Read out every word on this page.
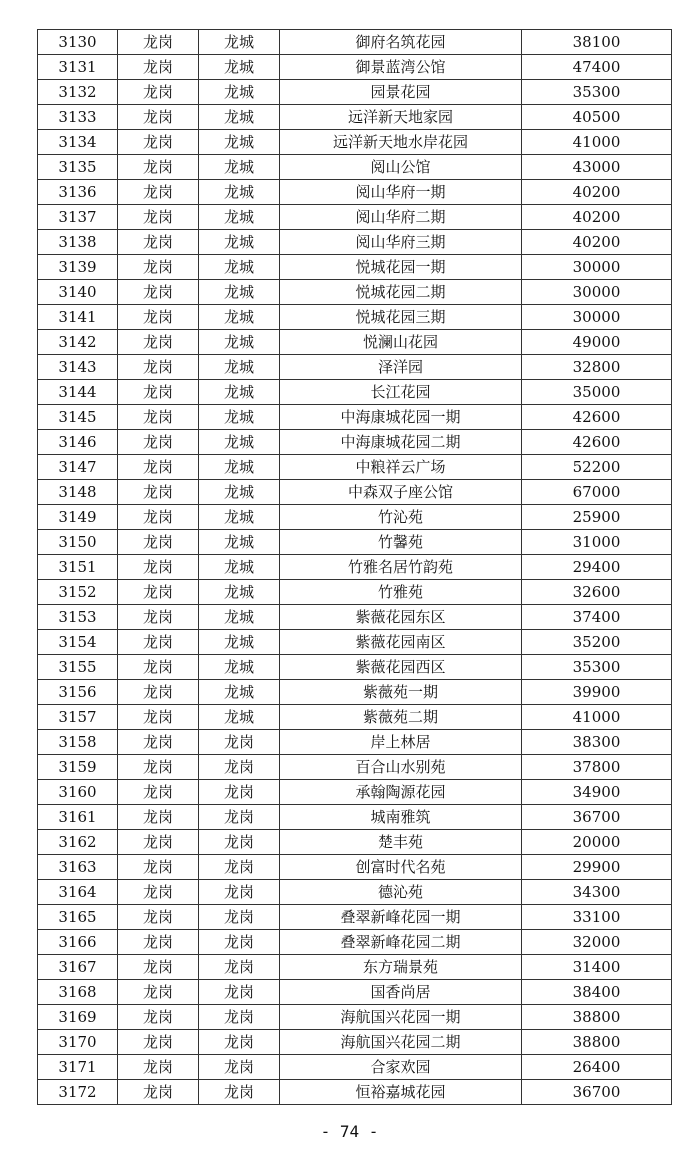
3130	龙岗	龙城	御府名筑花园	38100
3131	龙岗	龙城	御景蓝湾公馆	47400
3132	龙岗	龙城	园景花园	35300
3133	龙岗	龙城	远洋新天地家园	40500
3134	龙岗	龙城	远洋新天地水岸花园	41000
3135	龙岗	龙城	阅山公馆	43000
3136	龙岗	龙城	阅山华府一期	40200
3137	龙岗	龙城	阅山华府二期	40200
3138	龙岗	龙城	阅山华府三期	40200
3139	龙岗	龙城	悦城花园一期	30000
3140	龙岗	龙城	悦城花园二期	30000
3141	龙岗	龙城	悦城花园三期	30000
3142	龙岗	龙城	悦澜山花园	49000
3143	龙岗	龙城	泽洋园	32800
3144	龙岗	龙城	长江花园	35000
3145	龙岗	龙城	中海康城花园一期	42600
3146	龙岗	龙城	中海康城花园二期	42600
3147	龙岗	龙城	中粮祥云广场	52200
3148	龙岗	龙城	中森双子座公馆	67000
3149	龙岗	龙城	竹沁苑	25900
3150	龙岗	龙城	竹馨苑	31000
3151	龙岗	龙城	竹雅名居竹韵苑	29400
3152	龙岗	龙城	竹雅苑	32600
3153	龙岗	龙城	紫薇花园东区	37400
3154	龙岗	龙城	紫薇花园南区	35200
3155	龙岗	龙城	紫薇花园西区	35300
3156	龙岗	龙城	紫薇苑一期	39900
3157	龙岗	龙城	紫薇苑二期	41000
3158	龙岗	龙岗	岸上林居	38300
3159	龙岗	龙岗	百合山水别苑	37800
3160	龙岗	龙岗	承翰陶源花园	34900
3161	龙岗	龙岗	城南雅筑	36700
3162	龙岗	龙岗	楚丰苑	20000
3163	龙岗	龙岗	创富时代名苑	29900
3164	龙岗	龙岗	德沁苑	34300
3165	龙岗	龙岗	叠翠新峰花园一期	33100
3166	龙岗	龙岗	叠翠新峰花园二期	32000
3167	龙岗	龙岗	东方瑞景苑	31400
3168	龙岗	龙岗	国香尚居	38400
3169	龙岗	龙岗	海航国兴花园一期	38800
3170	龙岗	龙岗	海航国兴花园二期	38800
3171	龙岗	龙岗	合家欢园	26400
3172	龙岗	龙岗	恒裕嘉城花园	36700
- 74 -
